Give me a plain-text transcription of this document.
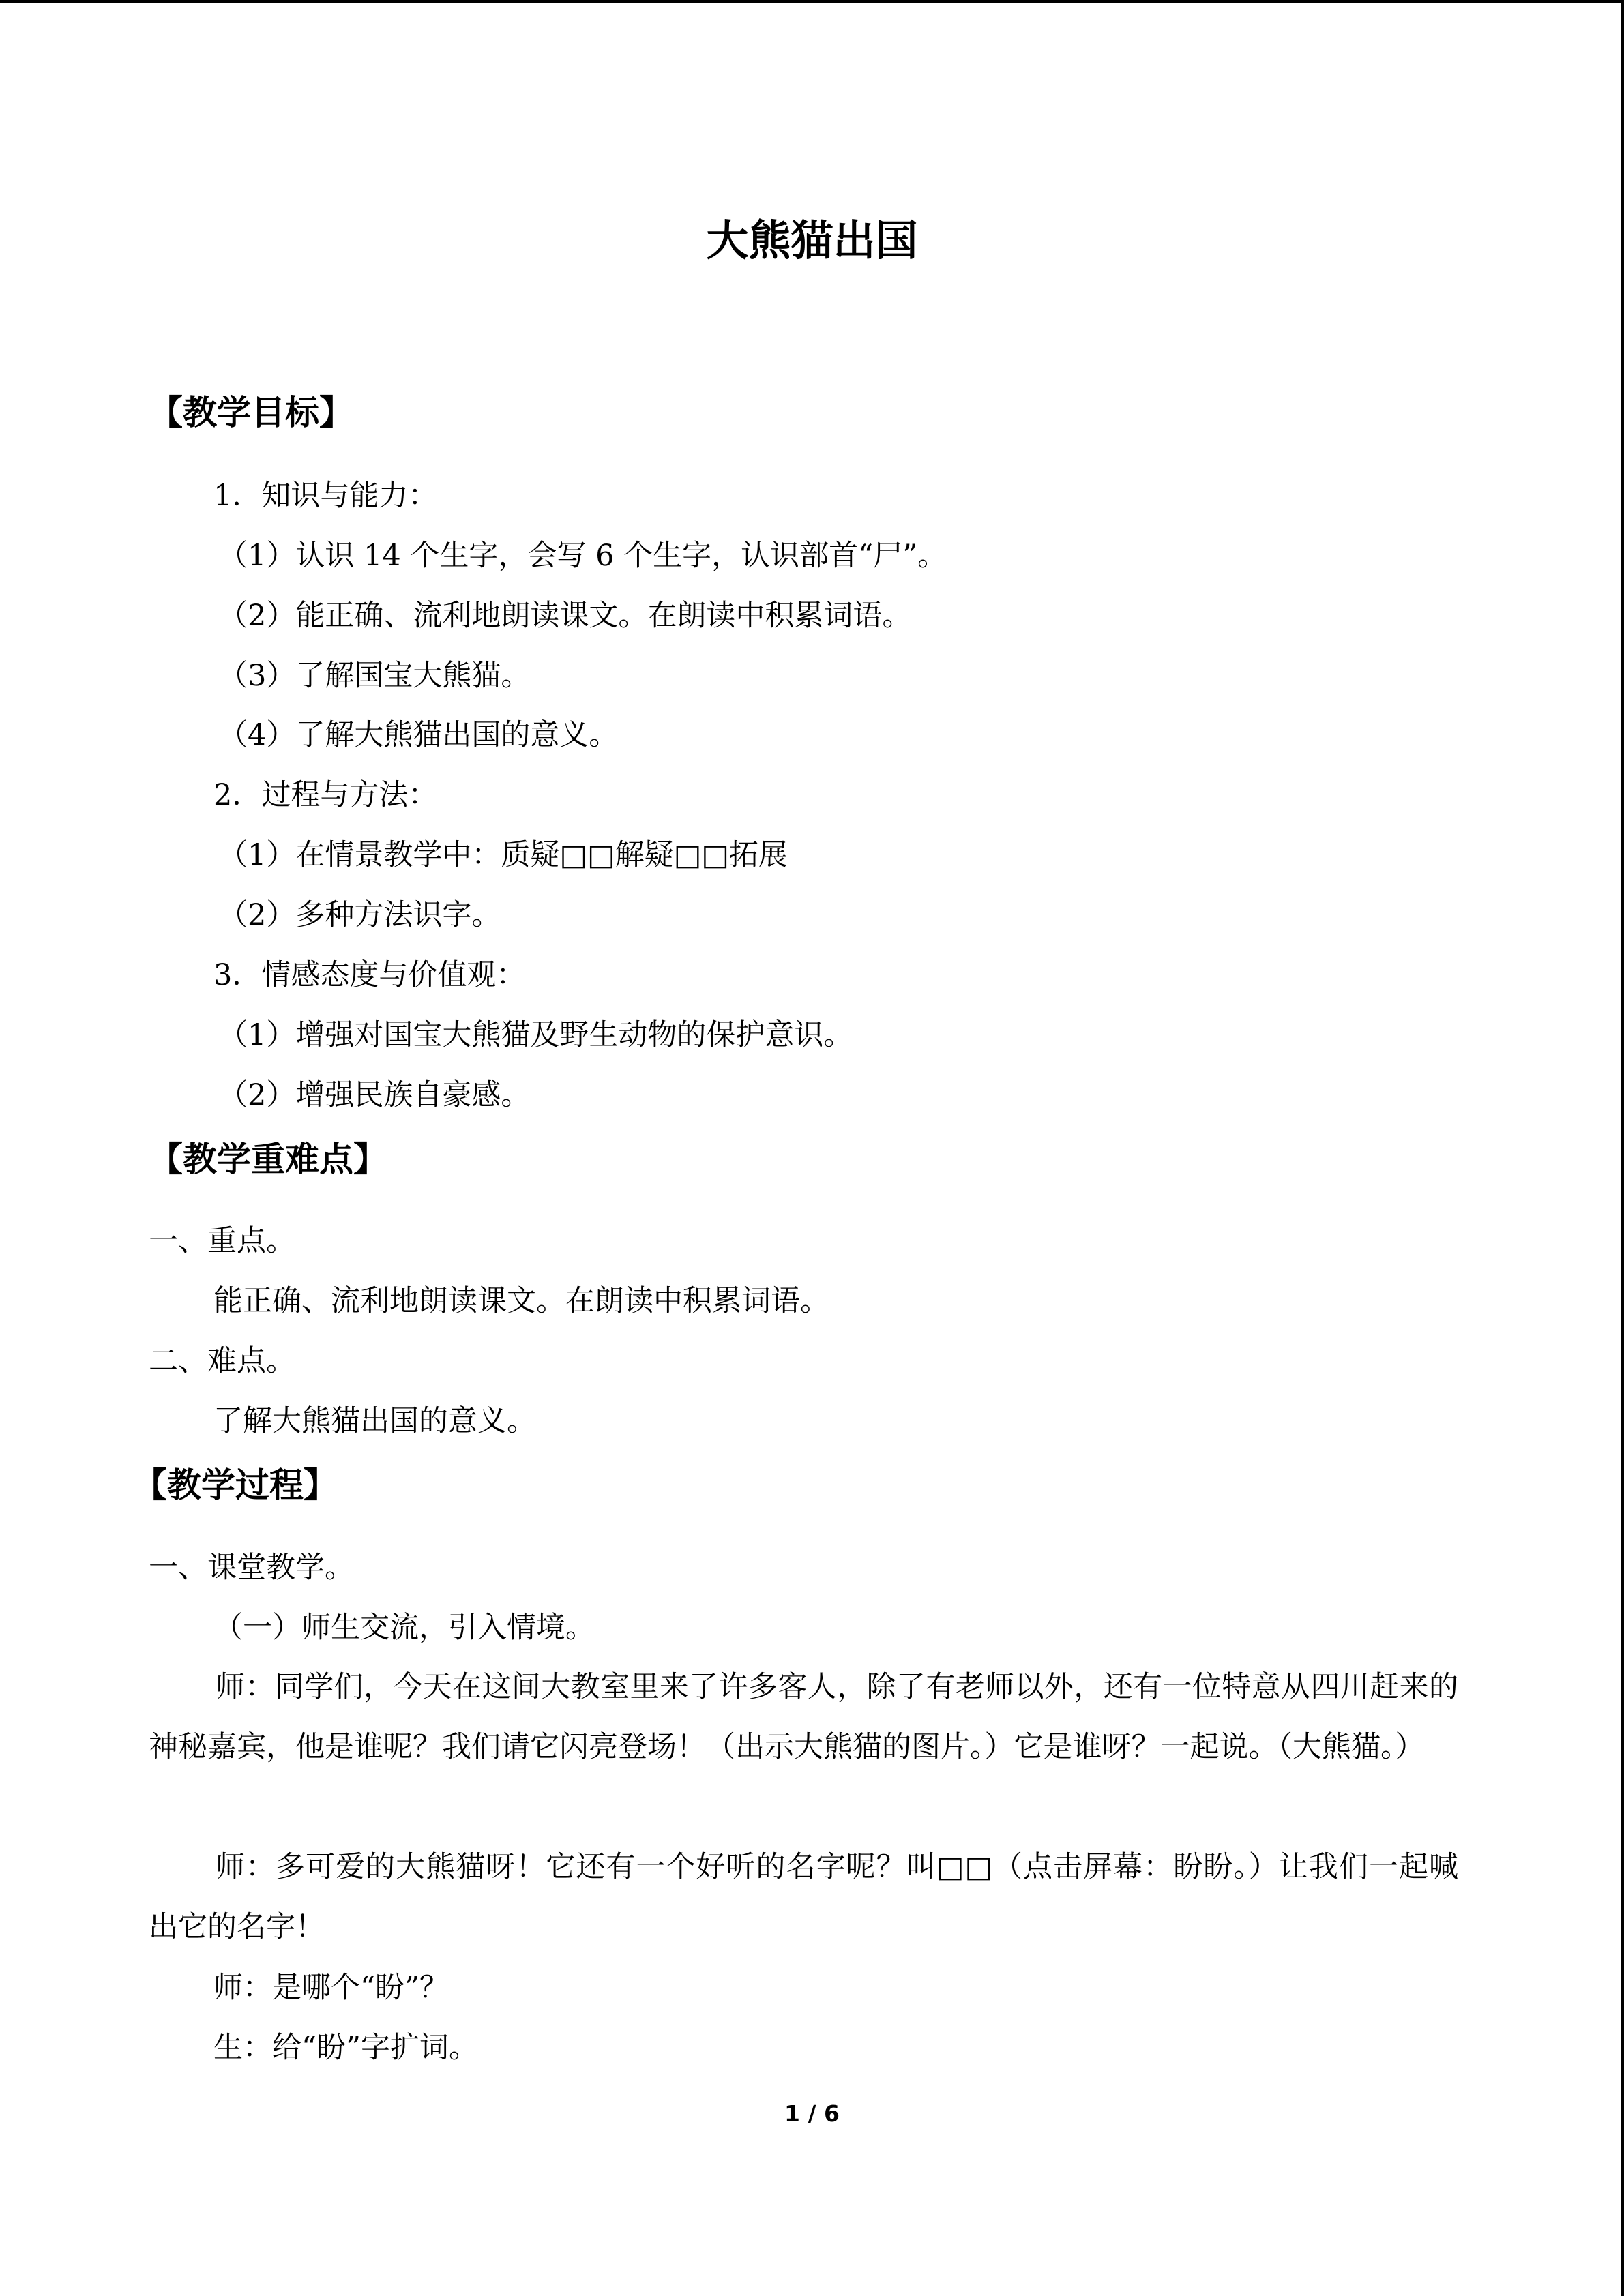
大熊猫出国
【教学目标】
1．知识与能力：
（1）认识 14 个生字，会写 6 个生字，认识部首“尸”。
（2）能正确、流利地朗读课文。在朗读中积累词语。
（3）了解国宝大熊猫。
（4）了解大熊猫出国的意义。
2．过程与方法：
（1）在情景教学中：质疑□□解疑□□拓展
（2）多种方法识字。
3．情感态度与价值观：
（1）增强对国宝大熊猫及野生动物的保护意识。
（2）增强民族自豪感。
【教学重难点】
一、重点。
能正确、流利地朗读课文。在朗读中积累词语。
二、难点。
了解大熊猫出国的意义。
【教学过程】
一、课堂教学。
（一）师生交流，引入情境。
师：同学们，今天在这间大教室里来了许多客人，除了有老师以外，还有一位特意从四川赶来的神秘嘉宾，他是谁呢？我们请它闪亮登场！（出示大熊猫的图片。）它是谁呀？一起说。（大熊猫。）
师：多可爱的大熊猫呀！它还有一个好听的名字呢？叫□□（点击屏幕：盼盼。）让我们一起喊出它的名字！
师：是哪个“盼”？
生：给“盼”字扩词。
1 / 6
